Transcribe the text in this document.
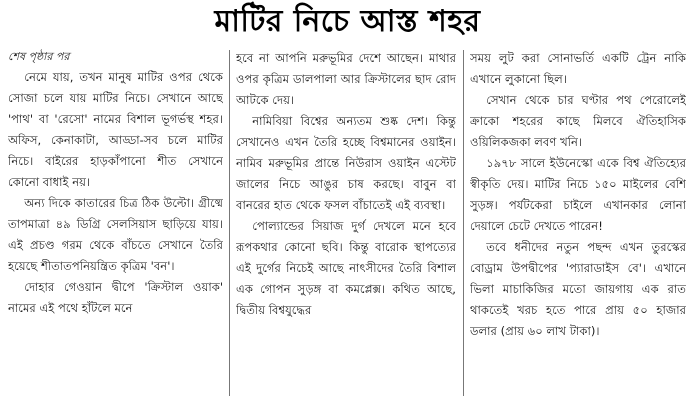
মাটির নিচে আস্ত শহর

শেষ পৃষ্ঠার পর

নেমে যায়, তখন মানুষ মাটির ওপর থেকে সোজা চলে যায় মাটির নিচে। সেখানে আছে 'পাথ' বা 'রেসো' নামের বিশাল ভূগর্ভস্থ শহর। অফিস, কেনাকাটা, আড্ডা-সব চলে মাটির নিচে। বাইরের হাড়কাঁপানো শীত সেখানে কোনো বাধাই নয়।

অন্য দিকে কাতারের চিত্র ঠিক উল্টো। গ্রীষ্মে তাপমাত্রা ৪৯ ডিগ্রি সেলসিয়াস ছাড়িয়ে যায়। এই প্রচণ্ড গরম থেকে বাঁচতে সেখানে তৈরি হয়েছে শীতাতপনিয়ন্ত্রিত কৃত্রিম 'বন'।

দোহার গেওয়ান দ্বীপে 'ক্রিস্টাল ওয়াক' নামের এই পথে হাঁটলে মনে

হবে না আপনি মরুভূমির দেশে আছেন। মাথার ওপর কৃত্রিম ডালপালা আর ক্রিস্টালের ছাদ রোদ আটকে দেয়।

নামিবিয়া বিশ্বের অন্যতম শুষ্ক দেশ। কিন্তু সেখানেও এখন তৈরি হচ্ছে বিশ্বমানের ওয়াইন। নামিব মরুভূমির প্রান্তে নিউরাস ওয়াইন এস্টেট জালের নিচে আঙুর চাষ করছে। বাবুন বা বানরের হাত থেকে ফসল বাঁচাতেই এই ব্যবস্থা।

পোল্যান্ডের সিয়াজ দুর্গ দেখলে মনে হবে রূপকথার কোনো ছবি। কিন্তু বারোক স্থাপত্যের এই দুর্গের নিচেই আছে নাৎসীদের তৈরি বিশাল এক গোপন সুড়ঙ্গ বা কমপ্লেক্স। কথিত আছে, দ্বিতীয় বিশ্বযুদ্ধের

সময় লুট করা সোনাভর্তি একটি ট্রেন নাকি এখানে লুকানো ছিল।

সেখান থেকে চার ঘণ্টার পথ পেরোলেই ক্রাকো শহরের কাছে মিলবে ঐতিহাসিক ওয়িলিকজকা লবণ খনি।

১৯৭৮ সালে ইউনেস্কো একে বিশ্ব ঐতিহ্যের স্বীকৃতি দেয়। মাটির নিচে ১৫০ মাইলের বেশি সুড়ঙ্গ। পর্যটকেরা চাইলে এখানকার লোনা দেয়ালে চেটে দেখতে পারেন!

তবে ধনীদের নতুন পছন্দ এখন তুরস্কের বোড্রাম উপদ্বীপের 'প্যারাডাইস বে'। এখানে ভিলা মাচাকিজির মতো জায়গায় এক রাত থাকতেই খরচ হতে পারে প্রায় ৫০ হাজার ডলার (প্রায় ৬০ লাখ টাকা)।
